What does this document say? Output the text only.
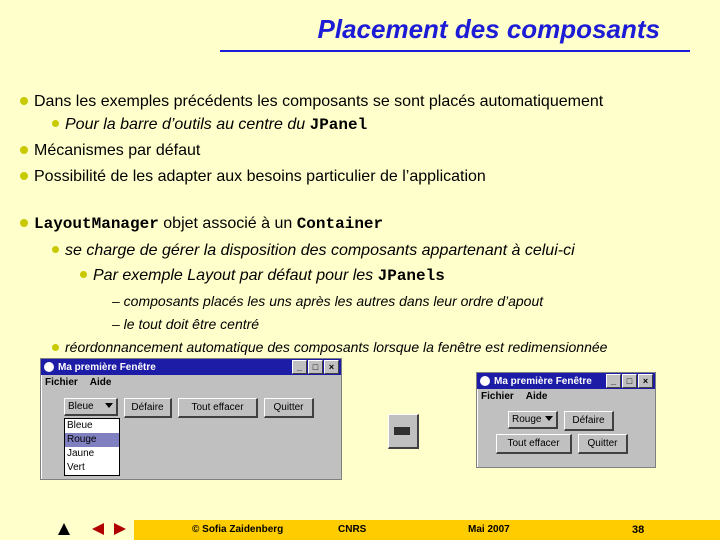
Placement des composants
Dans les exemples précédents les composants se sont placés automatiquement
Pour la barre d’outils au centre du JPanel
Mécanismes par défaut
Possibilité de les adapter aux besoins particulier de l’application
LayoutManager objet associé à un Container
se charge de gérer la disposition des composants appartenant à celui-ci
Par exemple Layout par défaut pour les JPanels
– composants placés les uns après les autres dans leur ordre d’apout
– le tout doit être centré
réordonnancement automatique des composants lorsque la fenêtre est redimensionnée
Ma première Fenêtre	_	□	×
Fichier Aide
Bleue	Défaire	Tout effacer	Quitter
Bleue
Rouge
Jaune
Vert
Ma première Fenêtre	_	□	×
Fichier Aide
Rouge	Défaire
Tout effacer	Quitter
© Sofia Zaidenberg	CNRS	Mai 2007	38
